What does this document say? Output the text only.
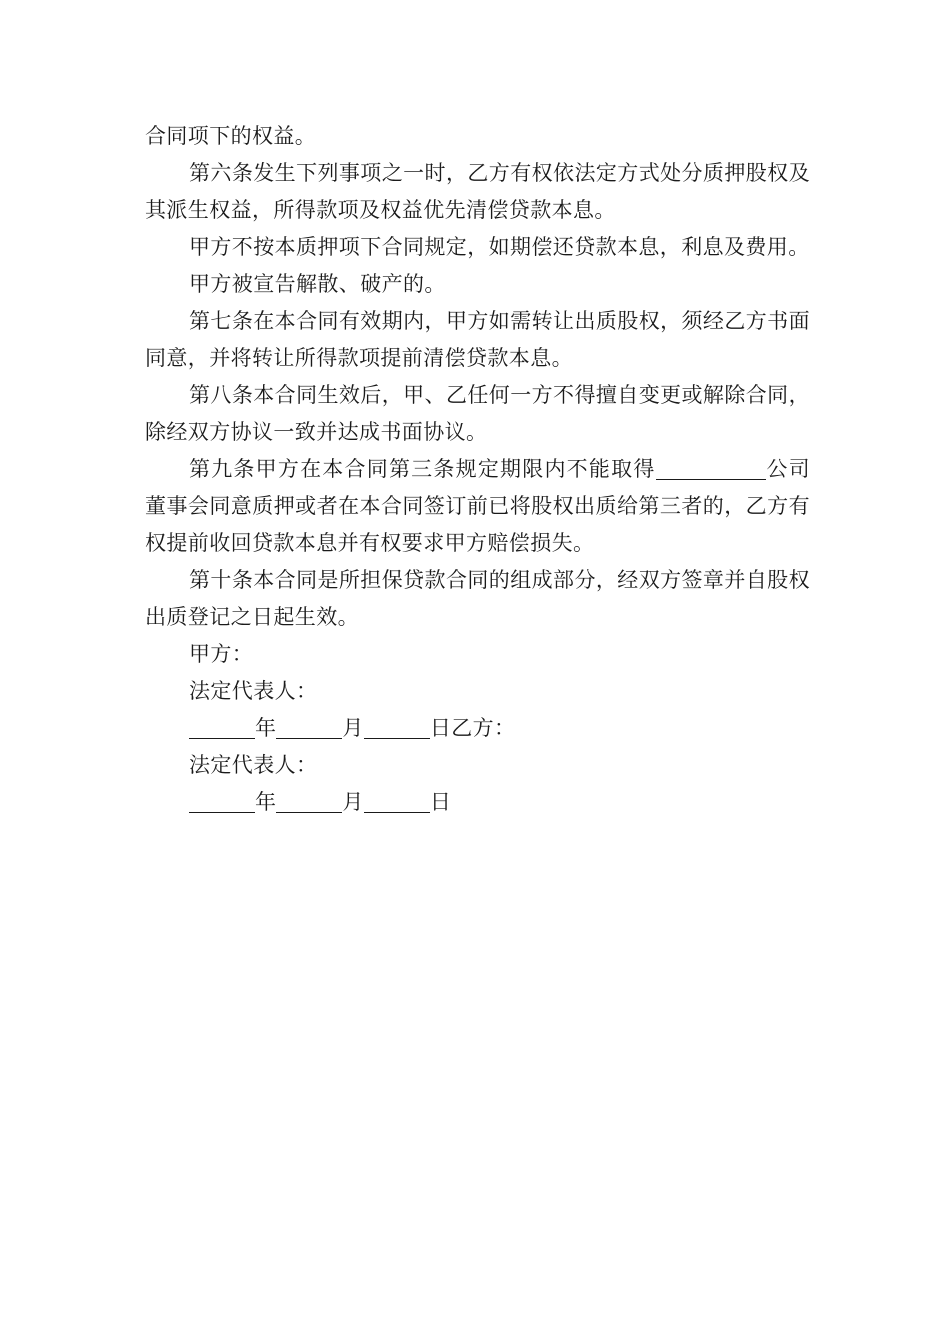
合同项下的权益。

第六条发生下列事项之一时，乙方有权依法定方式处分质押股权及其派生权益，所得款项及权益优先清偿贷款本息。

甲方不按本质押项下合同规定，如期偿还贷款本息，利息及费用。

甲方被宣告解散、破产的。

第七条在本合同有效期内，甲方如需转让出质股权，须经乙方书面同意，并将转让所得款项提前清偿贷款本息。

第八条本合同生效后，甲、乙任何一方不得擅自变更或解除合同，除经双方协议一致并达成书面协议。

第九条甲方在本合同第三条规定期限内不能取得	公司董事会同意质押或者在本合同签订前已将股权出质给第三者的，乙方有权提前收回贷款本息并有权要求甲方赔偿损失。

第十条本合同是所担保贷款合同的组成部分，经双方签章并自股权出质登记之日起生效。

甲方：

法定代表人：

年	月	日乙方：

法定代表人：

年	月	日
